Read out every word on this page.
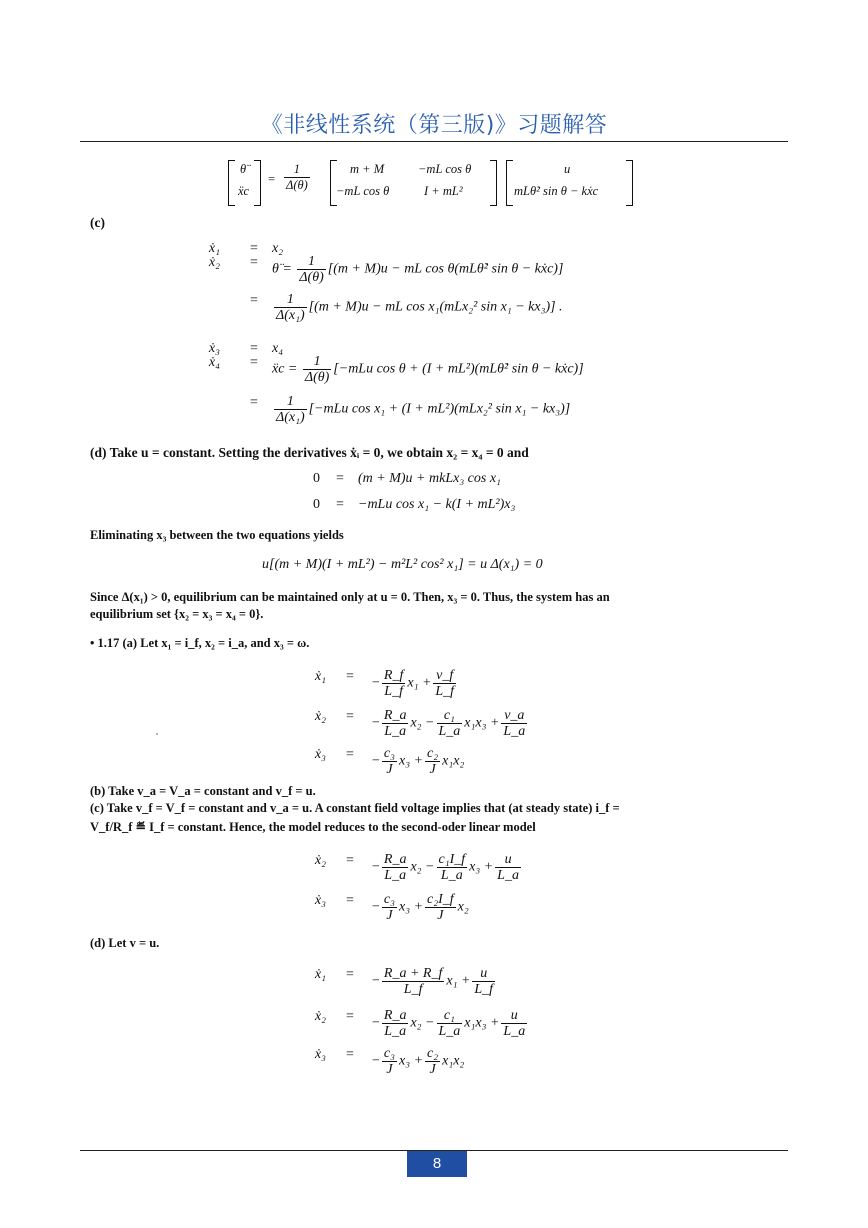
《非线性系统（第三版)》习题解答
θ̈
ẍc
= $\frac{1}{\Delta(\theta)}$	m + M	−mL cos θ
−mL cos θ	I + mL²
u
mLθ̇² sin θ − kẋc
(c)
ẋ₁	=	x₂
ẋ₂	=	θ̈ = $\frac{1}{\Delta(\theta)} [(m + M)u$ − mL cos θ(mLθ̇² sin θ − kẋc)]
=	$\frac{1}{\text{Δ(x₁)}} [(m + M)u$ − mL cos x₁(mLx₂² sin x₁ − kx₃)] .
ẋ₃	=	x₄
ẋ₄	=	ẍc = $\frac{1}{\Delta(\theta)} [-mLu$ cos θ + (I + mL²)(mLθ̇² sin θ − kẋc)]
=	$\frac{1}{\text{Δ(x₁)}} [-mLu$ cos x₁ + (I + mL²)(mLx₂² sin x₁ − kx₃)]
(d) Take u = constant. Setting the derivatives ẋᵢ = 0, we obtain x₂ = x₄ = 0 and
0	=	(m + M)u + mkLx₃ cos x₁
0	=	−mLu cos x₁ − k(I + mL²)x₃
Eliminating x₃ between the two equations yields
u[(m + M)(I + mL²) − m²L² cos² x₁] = u Δ(x₁) = 0
Since Δ(x₁) > 0, equilibrium can be maintained only at u = 0. Then, x₃ = 0. Thus, the system has an
equilibrium set {x₂ = x₃ = x₄ = 0}.
• 1.17 (a) Let x₁ = i_f, x₂ = i_a, and x₃ = ω.
ẋ₁	=	− $\frac{R\_f}{L\_f} x_1 + \frac{v\_f}{L\_f}$
ẋ₂	=	− $\frac{R\_a}{L\_a} x_2 - \frac{\text{c₁}}{L\_a} x_1x_3 + \frac{v\_a}{L\_a}$
ẋ₃	=	− $\frac{\text{c₃}}{J} x_3 + \frac{\text{c₂}}{J} x_1x_2$
(b) Take v_a = V_a = constant and v_f = u.
(c) Take v_f = V_f = constant and v_a = u. A constant field voltage implies that (at steady state) i_f =
V_f/R_f ≝ I_f = constant. Hence, the model reduces to the second-oder linear model
ẋ₂	=	− $\frac{R\_a}{L\_a} x_2 - \frac{\text{c₁I\_f}}{L\_a} x_3 + \frac{u}{L\_a}$
ẋ₃	=	− $\frac{\text{c₃}}{J} x_3 + \frac{\text{c₂I\_f}}{J} x_2$
(d) Let v = u.
ẋ₁	=	− $\frac{R\_a + R\_f}{L\_f} x_1 + \frac{u}{L\_f}$
ẋ₂	=	− $\frac{R\_a}{L\_a} x_2 - \frac{\text{c₁}}{L\_a} x_1x_3 + \frac{u}{L\_a}$
ẋ₃	=	− $\frac{\text{c₃}}{J} x_3 + \frac{\text{c₂}}{J} x_1x_2$
8
